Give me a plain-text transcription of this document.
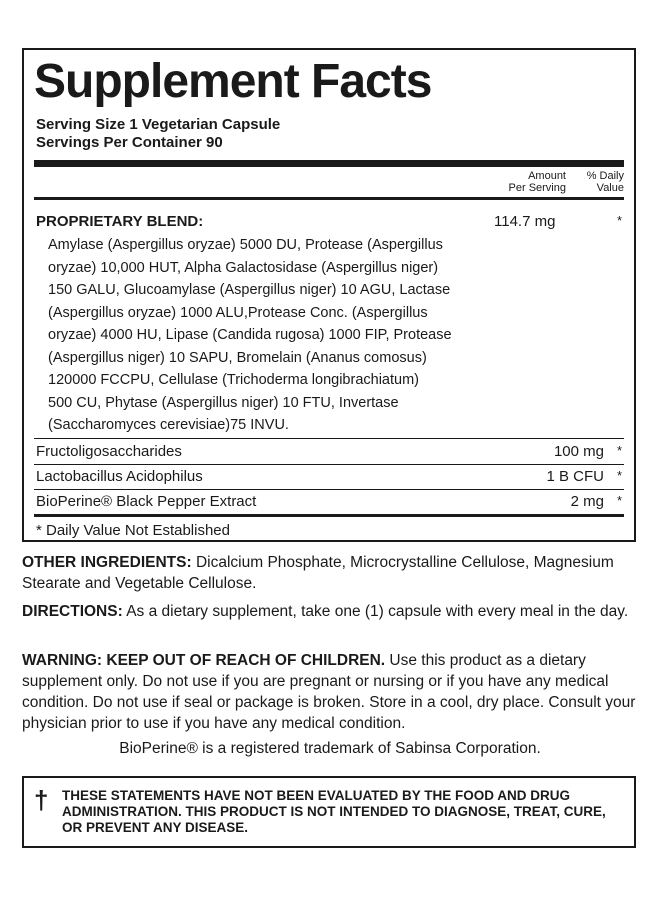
Supplement Facts
Serving Size 1 Vegetarian Capsule
Servings Per Container 90
Amount
Per Serving
% Daily
Value
PROPRIETARY BLEND:	114.7 mg	*
Amylase (Aspergillus oryzae) 5000 DU, Protease (Aspergillus
oryzae) 10,000 HUT, Alpha Galactosidase (Aspergillus niger)
150 GALU, Glucoamylase (Aspergillus niger) 10 AGU, Lactase
(Aspergillus oryzae) 1000 ALU,Protease Conc. (Aspergillus
oryzae) 4000 HU, Lipase (Candida rugosa) 1000 FIP, Protease
(Aspergillus niger) 10 SAPU, Bromelain (Ananus comosus)
120000 FCCPU, Cellulase (Trichoderma longibrachiatum)
500 CU, Phytase (Aspergillus niger) 10 FTU, Invertase
(Saccharomyces cerevisiae)75 INVU.
Fructoligosaccharides	100 mg *
Lactobacillus Acidophilus	1 B CFU *
BioPerine® Black Pepper Extract	2 mg *
* Daily Value Not Established
OTHER INGREDIENTS: Dicalcium Phosphate, Microcrystalline Cellulose, Magnesium Stearate and Vegetable Cellulose.
DIRECTIONS: As a dietary supplement, take one (1) capsule with every meal in the day.
WARNING: KEEP OUT OF REACH OF CHILDREN. Use this product as a dietary supplement only. Do not use if you are pregnant or nursing or if you have any medical condition. Do not use if seal or package is broken. Store in a cool, dry place. Consult your physician prior to use if you have any medical condition.
BioPerine® is a registered trademark of Sabinsa Corporation.
† THESE STATEMENTS HAVE NOT BEEN EVALUATED BY THE FOOD AND DRUG ADMINISTRATION. THIS PRODUCT IS NOT INTENDED TO DIAGNOSE, TREAT, CURE, OR PREVENT ANY DISEASE.
